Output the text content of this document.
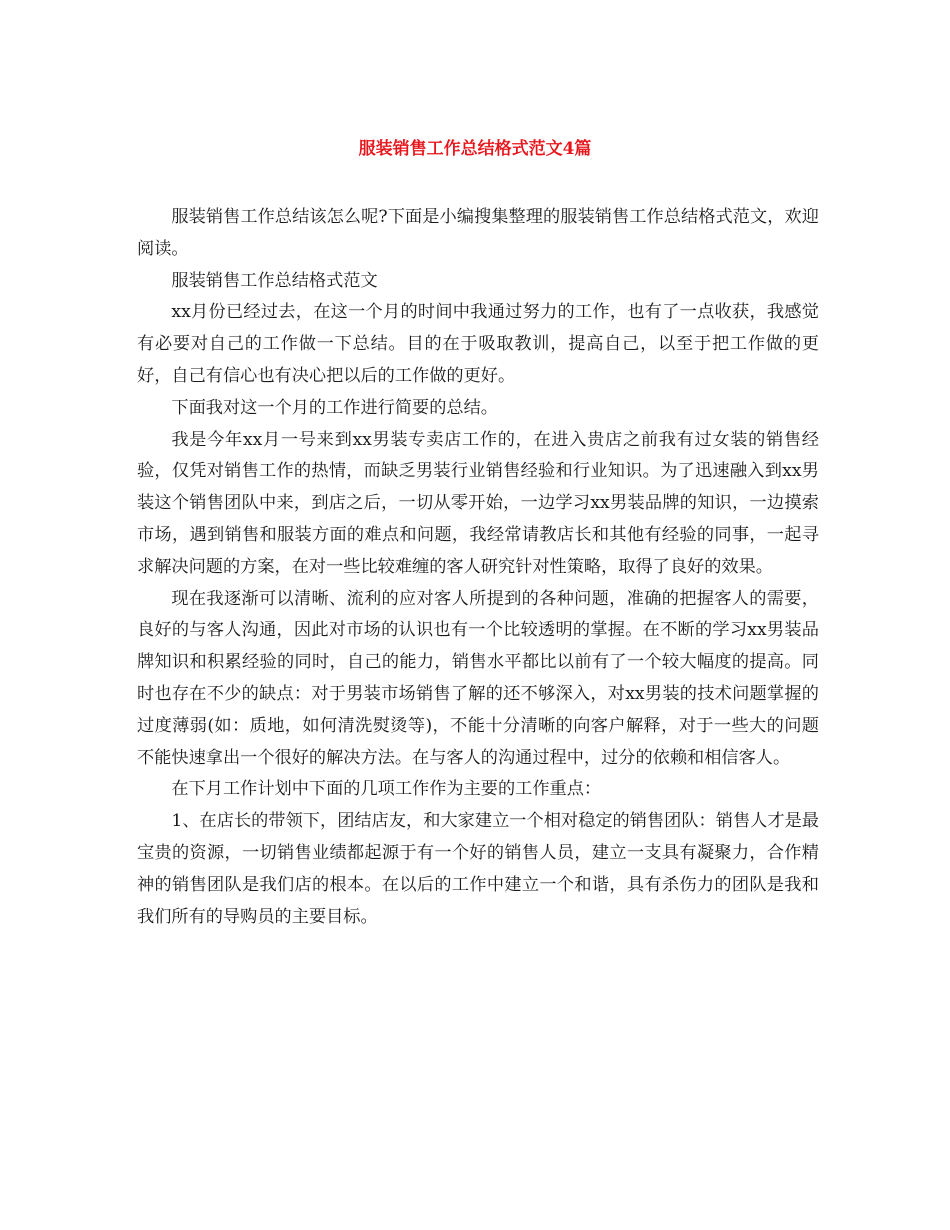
服装销售工作总结格式范文4篇

服装销售工作总结该怎么呢?下面是小编搜集整理的服装销售工作总结格式范文，欢迎阅读。

服装销售工作总结格式范文

xx月份已经过去，在这一个月的时间中我通过努力的工作，也有了一点收获，我感觉有必要对自己的工作做一下总结。目的在于吸取教训，提高自己，以至于把工作做的更好，自己有信心也有决心把以后的工作做的更好。

下面我对这一个月的工作进行简要的总结。

我是今年xx月一号来到xx男装专卖店工作的，在进入贵店之前我有过女装的销售经验，仅凭对销售工作的热情，而缺乏男装行业销售经验和行业知识。为了迅速融入到xx男装这个销售团队中来，到店之后，一切从零开始，一边学习xx男装品牌的知识，一边摸索市场，遇到销售和服装方面的难点和问题，我经常请教店长和其他有经验的同事，一起寻求解决问题的方案，在对一些比较难缠的客人研究针对性策略，取得了良好的效果。

现在我逐渐可以清晰、流利的应对客人所提到的各种问题，准确的把握客人的需要，良好的与客人沟通，因此对市场的认识也有一个比较透明的掌握。在不断的学习xx男装品牌知识和积累经验的同时，自己的能力，销售水平都比以前有了一个较大幅度的提高。同时也存在不少的缺点：对于男装市场销售了解的还不够深入，对xx男装的技术问题掌握的过度薄弱(如：质地，如何清洗熨烫等)，不能十分清晰的向客户解释，对于一些大的问题不能快速拿出一个很好的解决方法。在与客人的沟通过程中，过分的依赖和相信客人。

在下月工作计划中下面的几项工作作为主要的工作重点：

1、在店长的带领下，团结店友，和大家建立一个相对稳定的销售团队：销售人才是最宝贵的资源，一切销售业绩都起源于有一个好的销售人员，建立一支具有凝聚力，合作精神的销售团队是我们店的根本。在以后的工作中建立一个和谐，具有杀伤力的团队是我和我们所有的导购员的主要目标。
